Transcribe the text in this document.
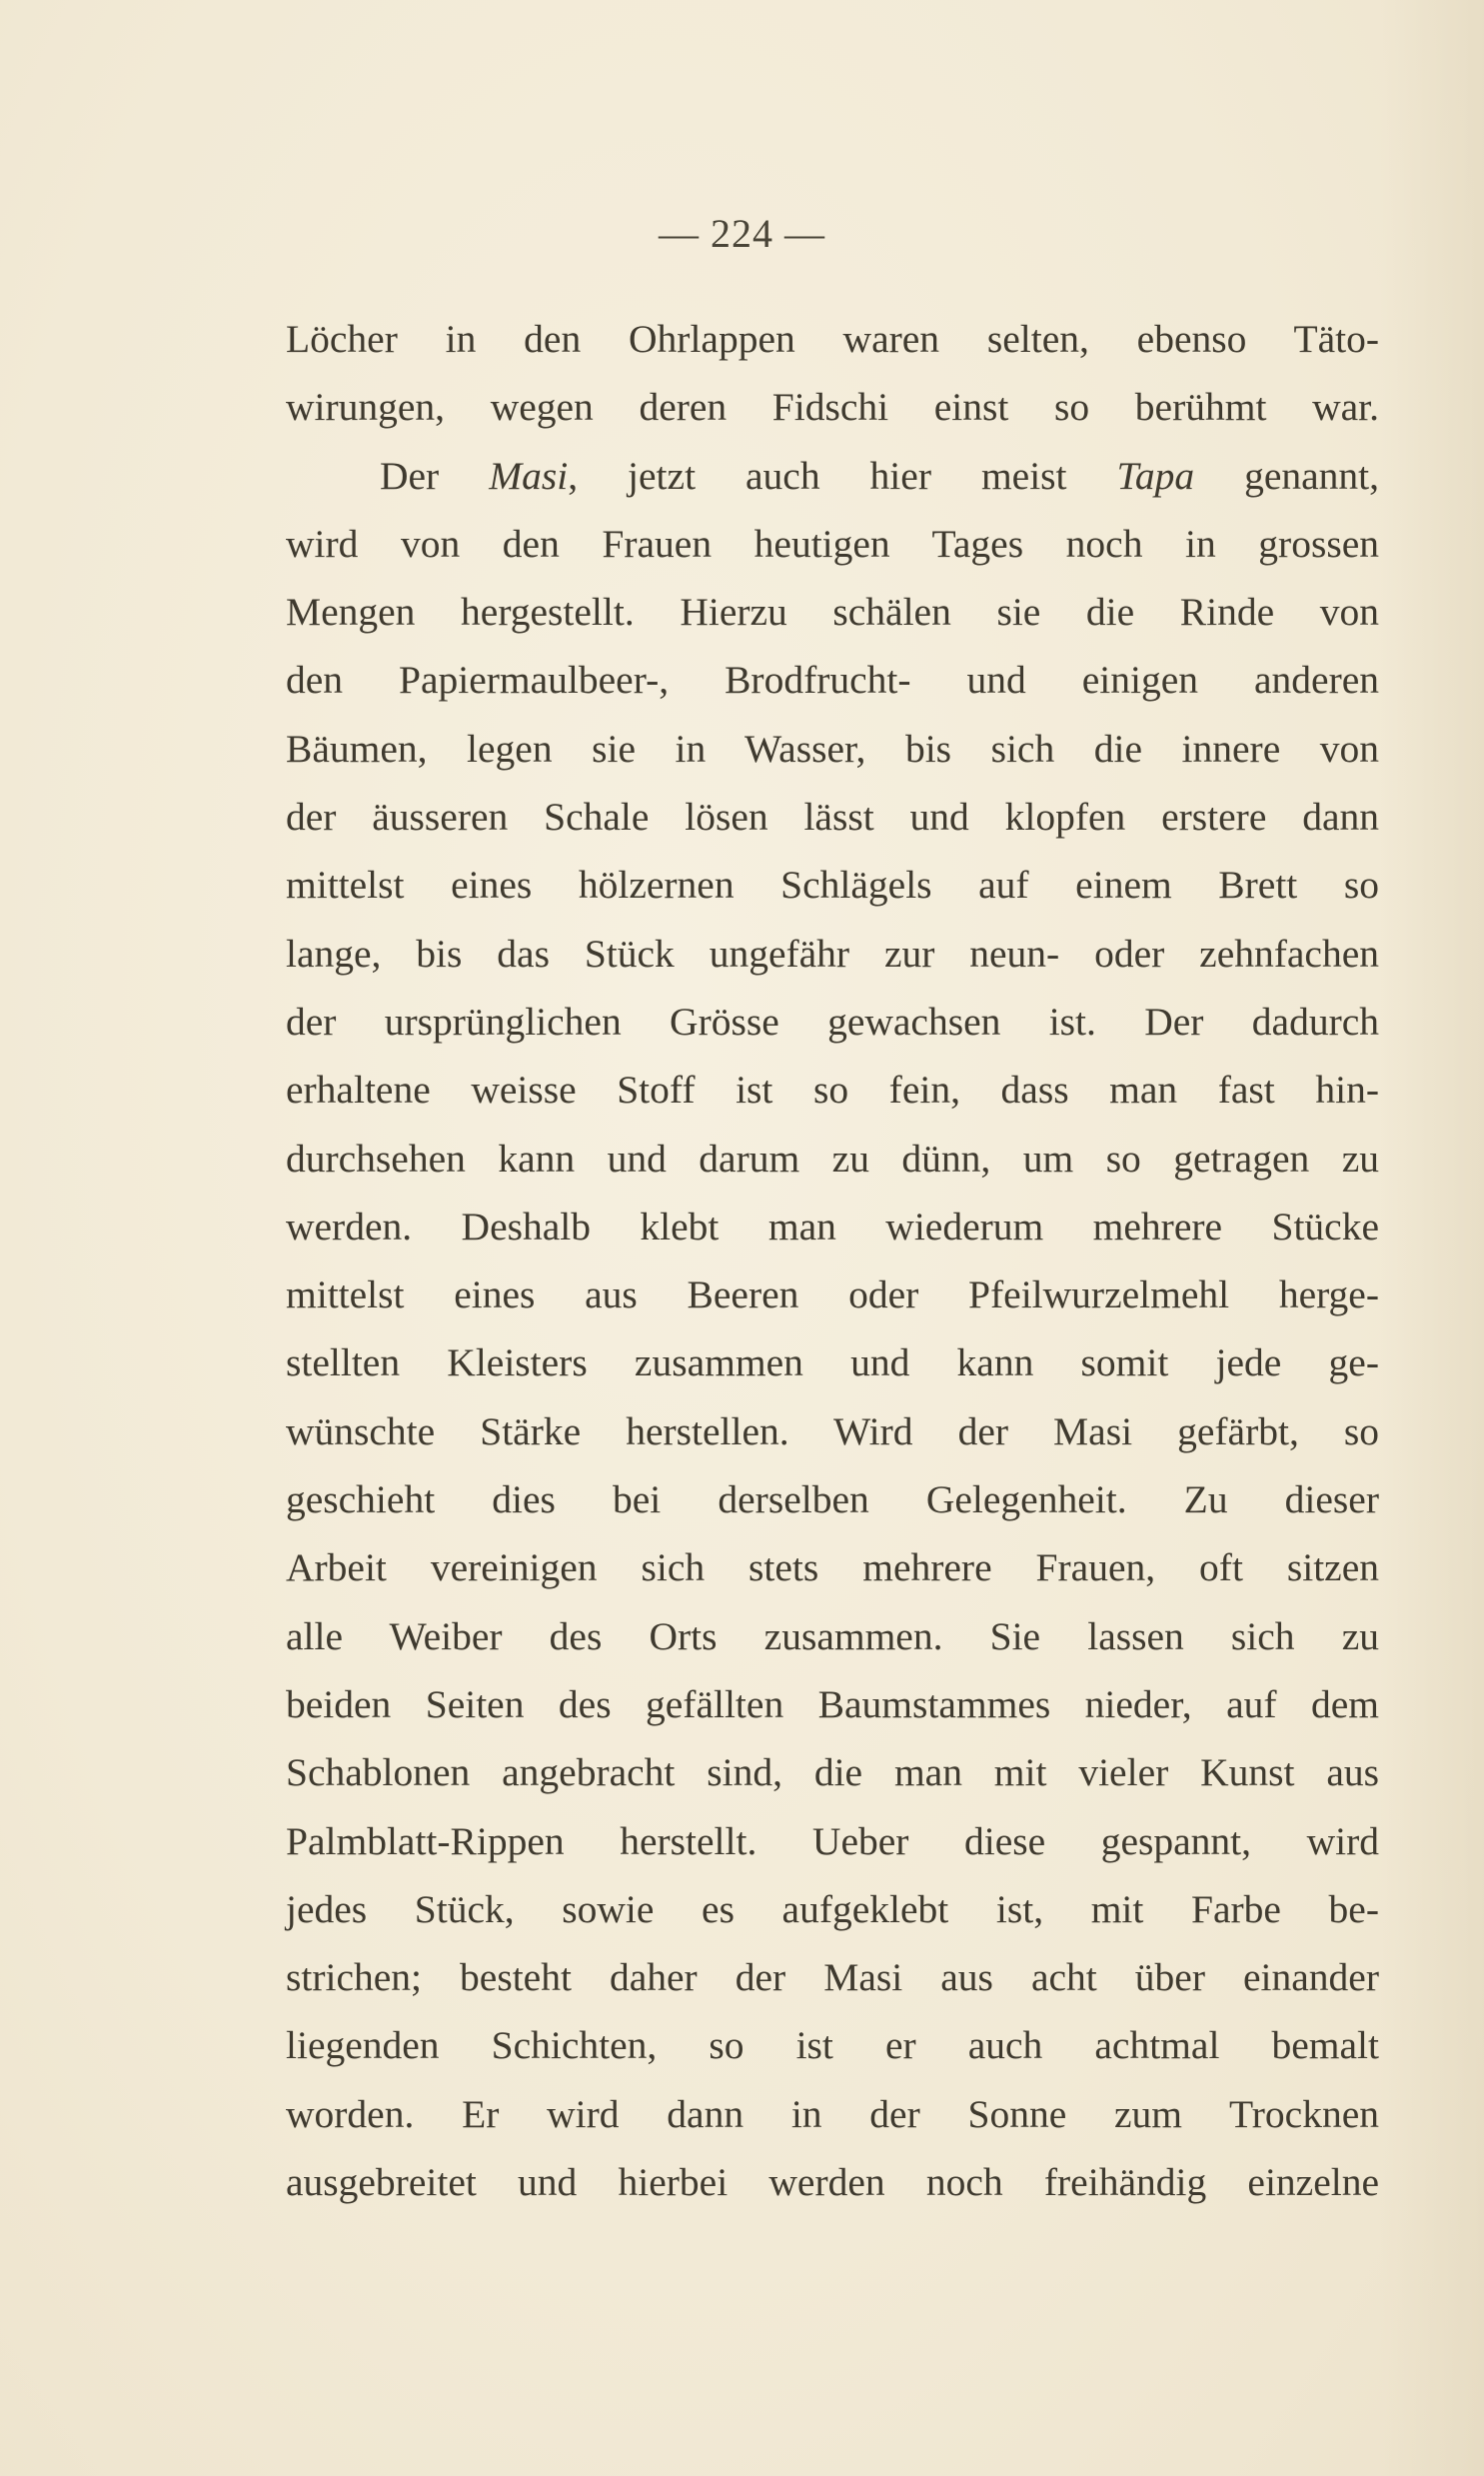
— 224 —
Löcher in den Ohrlappen waren selten, ebenso Täto-
wirungen, wegen deren Fidschi einst so berühmt war.
Der Masi, jetzt auch hier meist Tapa genannt,
wird von den Frauen heutigen Tages noch in grossen
Mengen hergestellt. Hierzu schälen sie die Rinde von
den Papiermaulbeer-, Brodfrucht- und einigen anderen
Bäumen, legen sie in Wasser, bis sich die innere von
der äusseren Schale lösen lässt und klopfen erstere dann
mittelst eines hölzernen Schlägels auf einem Brett so
lange, bis das Stück ungefähr zur neun- oder zehnfachen
der ursprünglichen Grösse gewachsen ist. Der dadurch
erhaltene weisse Stoff ist so fein, dass man fast hin-
durchsehen kann und darum zu dünn, um so getragen zu
werden. Deshalb klebt man wiederum mehrere Stücke
mittelst eines aus Beeren oder Pfeilwurzelmehl herge-
stellten Kleisters zusammen und kann somit jede ge-
wünschte Stärke herstellen. Wird der Masi gefärbt, so
geschieht dies bei derselben Gelegenheit. Zu dieser
Arbeit vereinigen sich stets mehrere Frauen, oft sitzen
alle Weiber des Orts zusammen. Sie lassen sich zu
beiden Seiten des gefällten Baumstammes nieder, auf dem
Schablonen angebracht sind, die man mit vieler Kunst aus
Palmblatt-Rippen herstellt. Ueber diese gespannt, wird
jedes Stück, sowie es aufgeklebt ist, mit Farbe be-
strichen; besteht daher der Masi aus acht über einander
liegenden Schichten, so ist er auch achtmal bemalt
worden. Er wird dann in der Sonne zum Trocknen
ausgebreitet und hierbei werden noch freihändig einzelne
